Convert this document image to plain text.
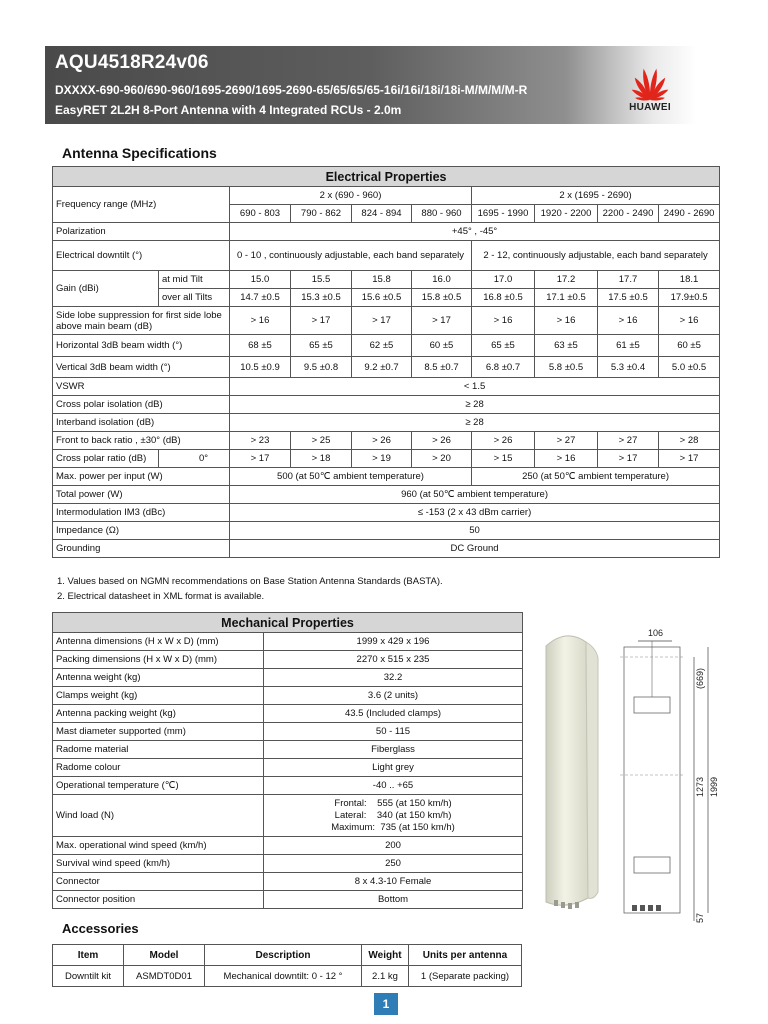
AQU4518R24v06
DXXXX-690-960/690-960/1695-2690/1695-2690-65/65/65/65-16i/16i/18i/18i-M/M/M/M-R
EasyRET 2L2H 8-Port Antenna with 4 Integrated RCUs - 2.0m	HUAWEI
Antenna Specifications
Electrical Properties									
Frequency range (MHz)		2 x (690 - 960)				2 x (1695 - 2690)			
		690 - 803	790 - 862	824 - 894	880 - 960	1695 - 1990	1920 - 2200	2200 - 2490	2490 - 2690
Polarization		+45° , -45°							
Electrical downtilt (°)		0 - 10 , continuously adjustable, each band separately				2 - 12, continuously adjustable, each band separately			
Gain (dBi)	at mid Tilt	15.0	15.5	15.8	16.0	17.0	17.2	17.7	18.1
	over all Tilts	14.7 ±0.5	15.3 ±0.5	15.6 ±0.5	15.8 ±0.5	16.8 ±0.5	17.1 ±0.5	17.5 ±0.5	17.9±0.5
Side lobe suppression for first side lobe above main beam (dB)		> 16	> 17	> 17	> 17	> 16	> 16	> 16	> 16
Horizontal 3dB beam width (°)		68 ±5	65 ±5	62 ±5	60 ±5	65 ±5	63 ±5	61 ±5	60 ±5
Vertical 3dB beam width (°)		10.5 ±0.9	9.5 ±0.8	9.2 ±0.7	8.5 ±0.7	6.8 ±0.7	5.8 ±0.5	5.3 ±0.4	5.0 ±0.5
VSWR		< 1.5							
Cross polar isolation (dB)		≥ 28							
Interband isolation (dB)		≥ 28							
Front to back ratio , ±30° (dB)		> 23	> 25	> 26	> 26	> 26	> 27	> 27	> 28
Cross polar ratio (dB)	0°	> 17	> 18	> 19	> 20	> 15	> 16	> 17	> 17
Max. power per input (W)		500 (at 50℃ ambient temperature)				250 (at 50℃ ambient temperature)			
Total power (W)		960 (at 50℃ ambient temperature)							
Intermodulation IM3 (dBc)		≤ -153 (2 x 43 dBm carrier)							
Impedance (Ω)		50							
Grounding		DC Ground							
1. Values based on NGMN recommendations on Base Station Antenna Standards (BASTA).
2. Electrical datasheet in XML format is available.
Mechanical Properties	
Antenna dimensions (H x W x D) (mm)	1999 x 429 x 196
Packing dimensions (H x W x D) (mm)	2270 x 515 x 235
Antenna weight (kg)	32.2
Clamps weight (kg)	3.6 (2 units)
Antenna packing weight (kg)	43.5 (Included clamps)
Mast diameter supported (mm)	50 - 115
Radome material	Fiberglass
Radome colour	Light grey
Operational temperature (℃)	-40 .. +65
Wind load (N)	Frontal:    555 (at 150 km/h)
Lateral:    340 (at 150 km/h)
Maximum:  735 (at 150 km/h)

Max. operational wind speed (km/h)	200
Survival wind speed (km/h)	250
Connector	8 x 4.3-10 Female
Connector position	Bottom
106
(669)
1273 1999
57
Accessories
Item	Model	Description	Weight	Units per antenna
Downtilt kit	ASMDT0D01	Mechanical downtilt: 0 - 12 °	2.1 kg	1 (Separate packing)
1
